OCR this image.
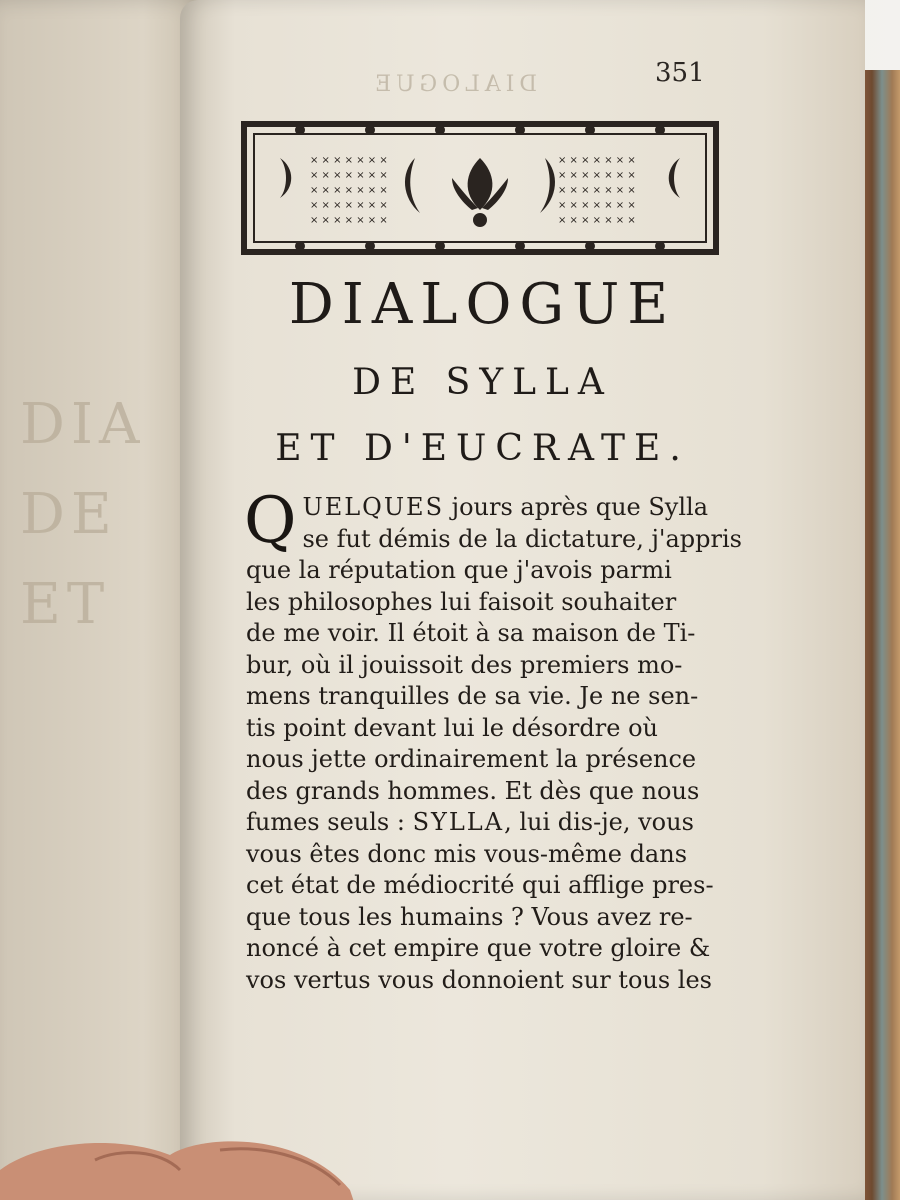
DIA
DE
ET
DIALOGUE	351
× × × × × × ×
× × × × × × ×
× × × × × × ×
× × × × × × ×
× × × × × × ×
× × × × × × ×
× × × × × × ×
× × × × × × ×
× × × × × × ×
× × × × × × ×
DIALOGUE
DE SYLLA
ET D'EUCRATE.
Q UELQUES jours après que Sylla
se fut démis de la dictature, j'appris
que la réputation que j'avois parmi
les philosophes lui faisoit souhaiter
de me voir. Il étoit à sa maison de Ti-
bur, où il jouissoit des premiers mo-
mens tranquilles de sa vie. Je ne sen-
tis point devant lui le désordre où
nous jette ordinairement la présence
des grands hommes. Et dès que nous
fumes seuls : SYLLA, lui dis-je, vous
vous êtes donc mis vous-même dans
cet état de médiocrité qui afflige pres-
que tous les humains ? Vous avez re-
noncé à cet empire que votre gloire &
vos vertus vous donnoient sur tous les
